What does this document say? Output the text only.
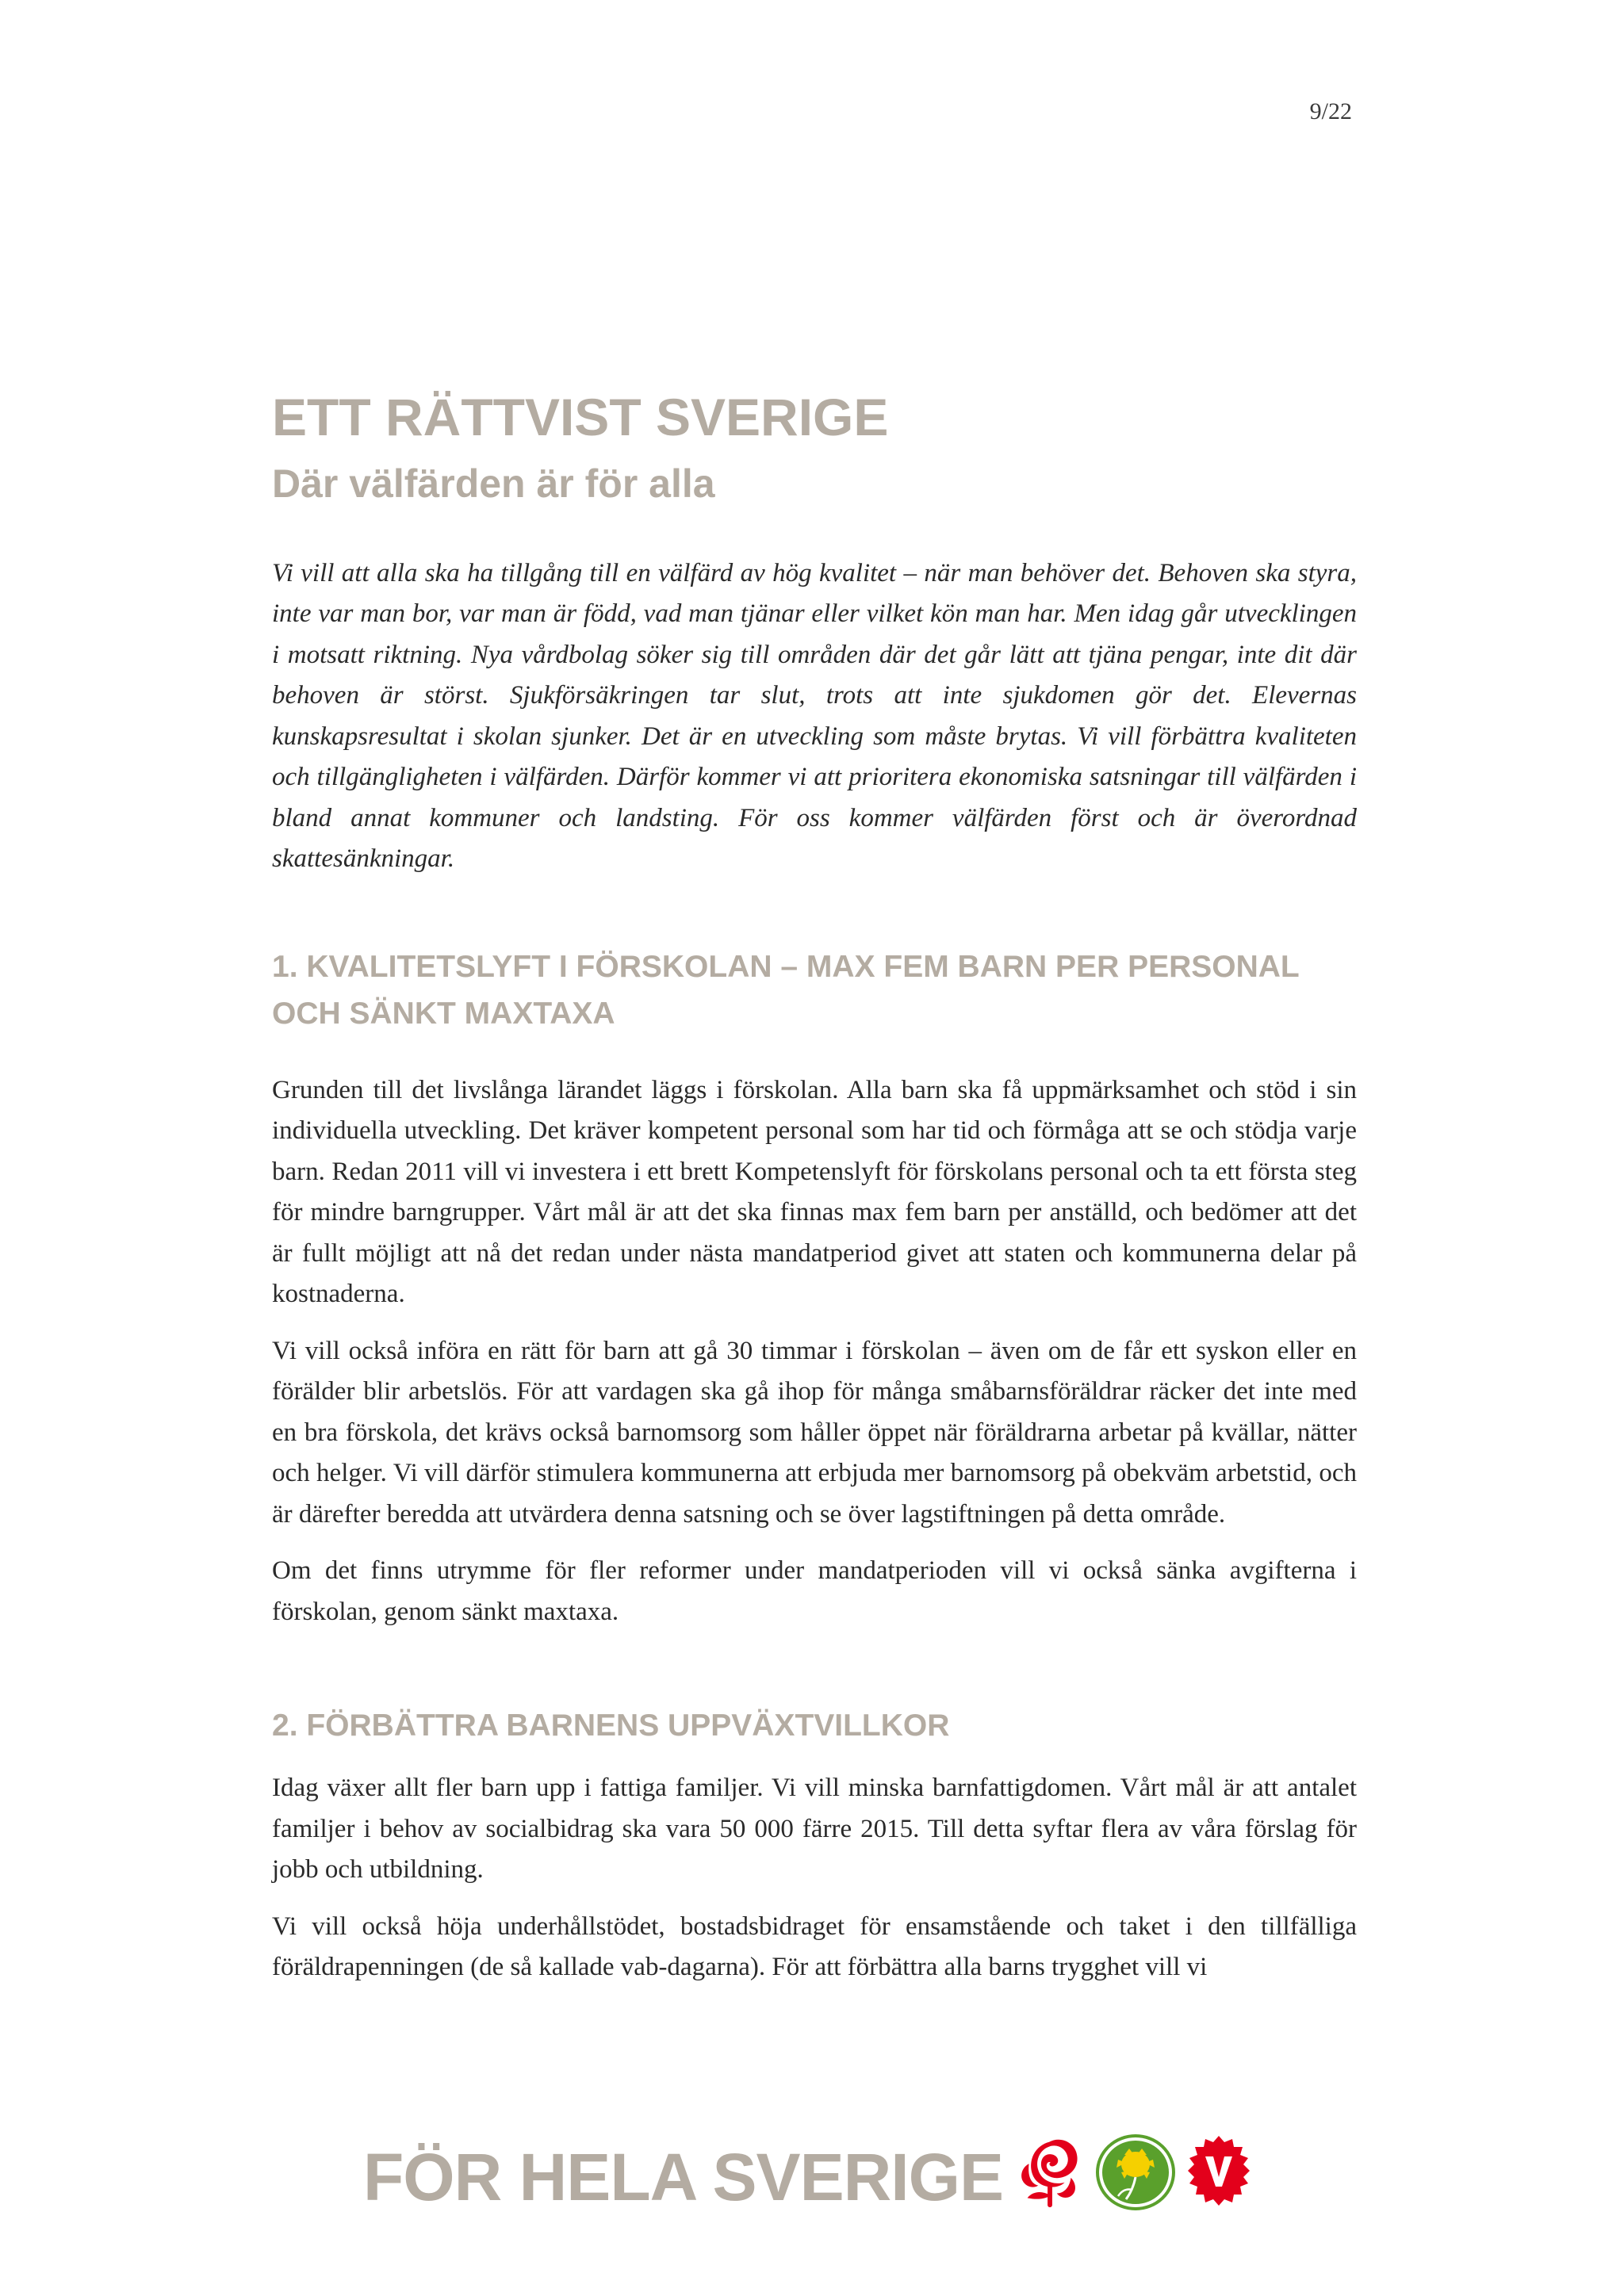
9/22
ETT RÄTTVIST SVERIGE
Där välfärden är för alla

Vi vill att alla ska ha tillgång till en välfärd av hög kvalitet – när man behöver det. Behoven ska styra, inte var man bor, var man är född, vad man tjänar eller vilket kön man har. Men idag går utvecklingen i motsatt riktning. Nya vårdbolag söker sig till områden där det går lätt att tjäna pengar, inte dit där behoven är störst. Sjukförsäkringen tar slut, trots att inte sjukdomen gör det. Elevernas kunskapsresultat i skolan sjunker. Det är en utveckling som måste brytas. Vi vill förbättra kvaliteten och tillgängligheten i välfärden. Därför kommer vi att prioritera ekonomiska satsningar till välfärden i bland annat kommuner och landsting. För oss kommer välfärden först och är överordnad skattesänkningar.

1. KVALITETSLYFT I FÖRSKOLAN – MAX FEM BARN PER PERSONAL OCH SÄNKT MAXTAXA

Grunden till det livslånga lärandet läggs i förskolan. Alla barn ska få uppmärksamhet och stöd i sin individuella utveckling. Det kräver kompetent personal som har tid och förmåga att se och stödja varje barn. Redan 2011 vill vi investera i ett brett Kompetenslyft för förskolans personal och ta ett första steg för mindre barngrupper. Vårt mål är att det ska finnas max fem barn per anställd, och bedömer att det är fullt möjligt att nå det redan under nästa mandatperiod givet att staten och kommunerna delar på kostnaderna.

Vi vill också införa en rätt för barn att gå 30 timmar i förskolan – även om de får ett syskon eller en förälder blir arbetslös. För att vardagen ska gå ihop för många småbarnsföräldrar räcker det inte med en bra förskola, det krävs också barnomsorg som håller öppet när föräldrarna arbetar på kvällar, nätter och helger. Vi vill därför stimulera kommunerna att erbjuda mer barnomsorg på obekväm arbetstid, och är därefter beredda att utvärdera denna satsning och se över lagstiftningen på detta område.

Om det finns utrymme för fler reformer under mandatperioden vill vi också sänka avgifterna i förskolan, genom sänkt maxtaxa.

2. FÖRBÄTTRA BARNENS UPPVÄXTVILLKOR

Idag växer allt fler barn upp i fattiga familjer. Vi vill minska barnfattigdomen. Vårt mål är att antalet familjer i behov av socialbidrag ska vara 50 000 färre 2015. Till detta syftar flera av våra förslag för jobb och utbildning.

Vi vill också höja underhållstödet, bostadsbidraget för ensamstående och taket i den tillfälliga föräldrapenningen (de så kallade vab-dagarna). För att förbättra alla barns trygghet vill vi

FÖR HELA SVERIGE
